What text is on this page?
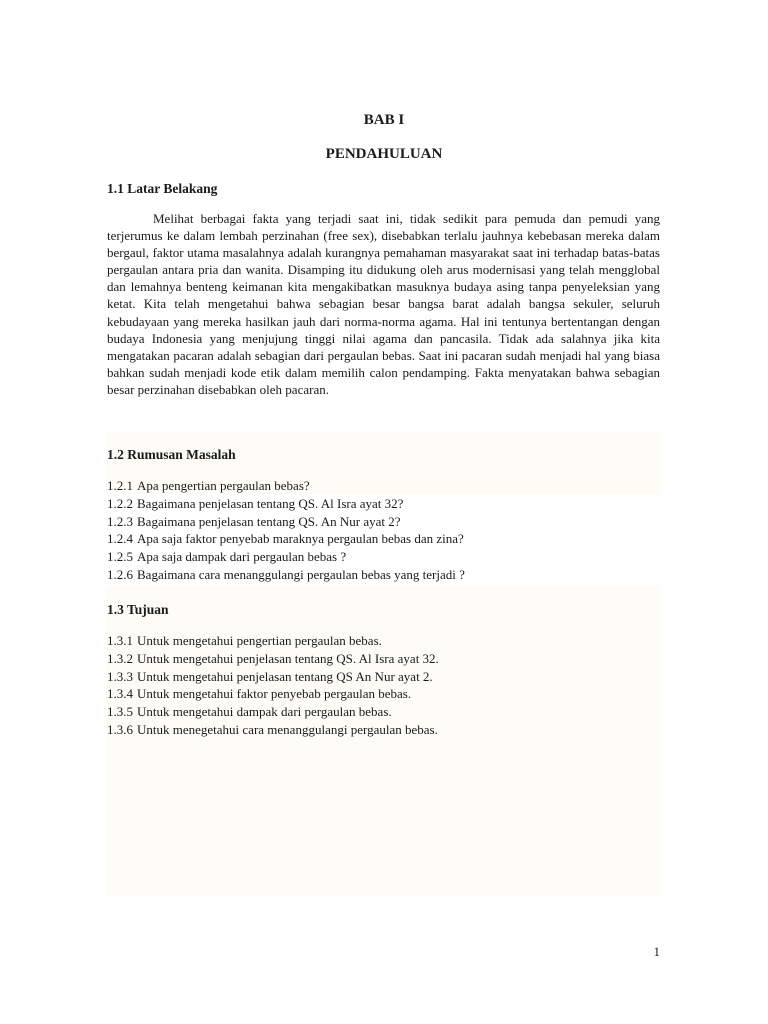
BAB I
PENDAHULUAN
1.1 Latar Belakang

Melihat berbagai fakta yang terjadi saat ini, tidak sedikit para pemuda dan pemudi yang terjerumus ke dalam lembah perzinahan (free sex), disebabkan terlalu jauhnya kebebasan mereka dalam bergaul, faktor utama masalahnya adalah kurangnya pemahaman masyarakat saat ini terhadap batas-batas pergaulan antara pria dan wanita. Disamping itu didukung oleh arus modernisasi yang telah mengglobal dan lemahnya benteng keimanan kita mengakibatkan masuknya budaya asing tanpa penyeleksian yang ketat. Kita telah mengetahui bahwa sebagian besar bangsa barat adalah bangsa sekuler, seluruh kebudayaan yang mereka hasilkan jauh dari norma-norma agama. Hal ini tentunya bertentangan dengan budaya Indonesia yang menjujung tinggi nilai agama dan pancasila. Tidak ada salahnya jika kita mengatakan pacaran adalah sebagian dari pergaulan bebas. Saat ini pacaran sudah menjadi hal yang biasa bahkan sudah menjadi kode etik dalam memilih calon pendamping. Fakta menyatakan bahwa sebagian besar perzinahan disebabkan oleh pacaran.

1.2 Rumusan Masalah
1.2.1 Apa pengertian pergaulan bebas?
1.2.2 Bagaimana penjelasan tentang QS. Al Isra ayat 32?
1.2.3 Bagaimana penjelasan tentang QS. An Nur ayat 2?
1.2.4 Apa saja faktor penyebab maraknya pergaulan bebas dan zina?
1.2.5 Apa saja dampak dari pergaulan bebas ?
1.2.6 Bagaimana cara menanggulangi pergaulan bebas yang terjadi ?
1.3 Tujuan
1.3.1 Untuk mengetahui pengertian pergaulan bebas.
1.3.2 Untuk mengetahui penjelasan tentang QS. Al Isra ayat 32.
1.3.3 Untuk mengetahui penjelasan tentang QS An Nur ayat 2.
1.3.4 Untuk mengetahui faktor penyebab pergaulan bebas.
1.3.5 Untuk mengetahui dampak dari pergaulan bebas.
1.3.6 Untuk menegetahui cara menanggulangi pergaulan bebas.
1
